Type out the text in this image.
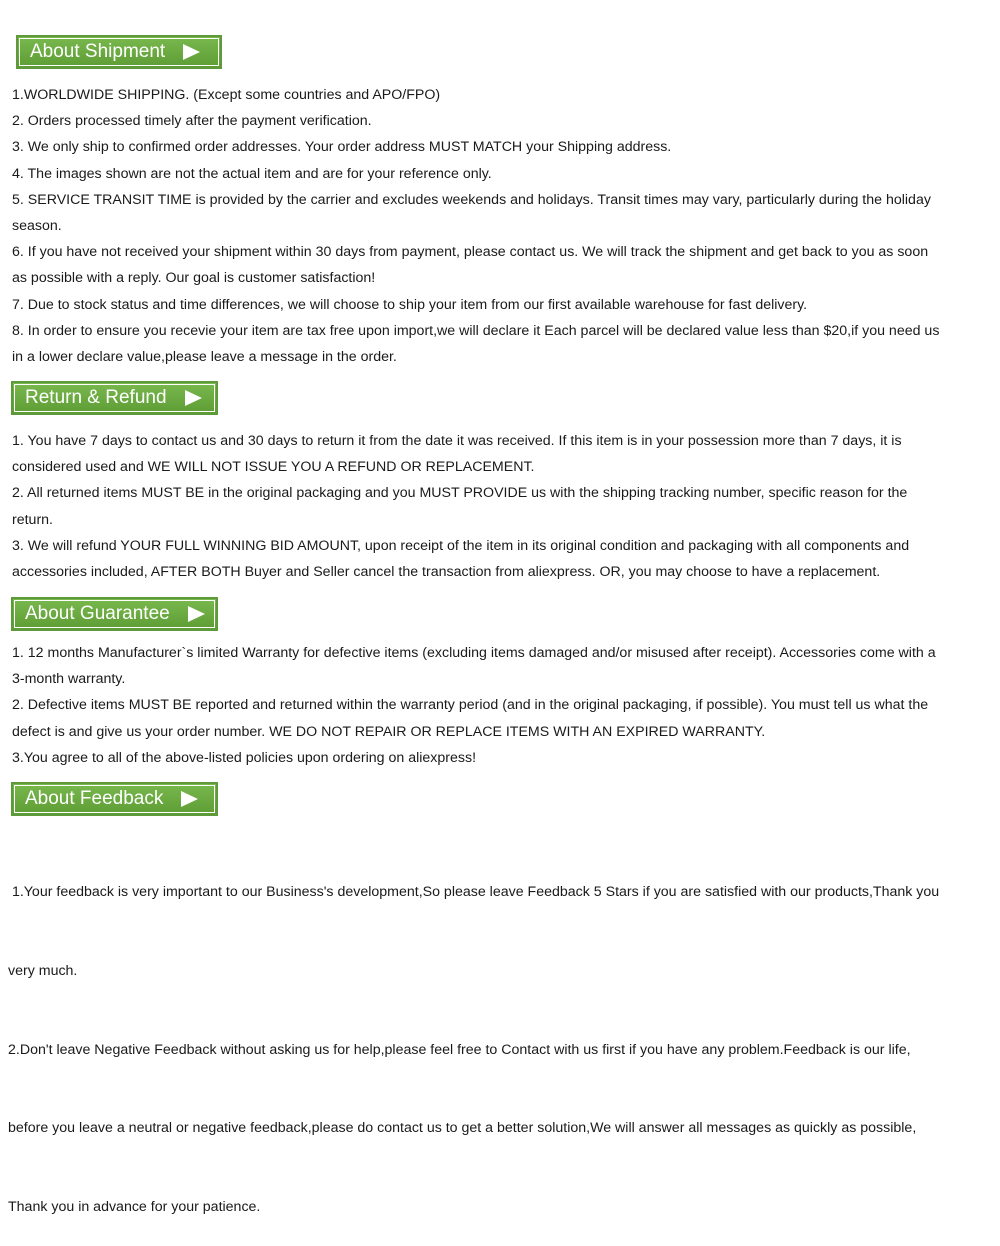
About Shipment
1.WORLDWIDE SHIPPING. (Except some countries and APO/FPO)
2. Orders processed timely after the payment verification.
3. We only ship to confirmed order addresses. Your order address MUST MATCH your Shipping address.
4. The images shown are not the actual item and are for your reference only.
5. SERVICE TRANSIT TIME is provided by the carrier and excludes weekends and holidays. Transit times may vary, particularly during the holiday
season.
6. If you have not received your shipment within 30 days from payment, please contact us. We will track the shipment and get back to you as soon
as possible with a reply. Our goal is customer satisfaction!
7. Due to stock status and time differences, we will choose to ship your item from our first available warehouse for fast delivery.
8. In order to ensure you recevie your item are tax free upon import,we will declare it Each parcel will be declared value less than $20,if you need us
in a lower declare value,please leave a message in the order.
Return & Refund
1. You have 7 days to contact us and 30 days to return it from the date it was received. If this item is in your possession more than 7 days, it is
considered used and WE WILL NOT ISSUE YOU A REFUND OR REPLACEMENT.
2. All returned items MUST BE in the original packaging and you MUST PROVIDE us with the shipping tracking number, specific reason for the
return.
3. We will refund YOUR FULL WINNING BID AMOUNT, upon receipt of the item in its original condition and packaging with all components and
accessories included, AFTER BOTH Buyer and Seller cancel the transaction from aliexpress. OR, you may choose to have a replacement.
About Guarantee
1. 12 months Manufacturer`s limited Warranty for defective items (excluding items damaged and/or misused after receipt). Accessories come with a
3-month warranty.
2. Defective items MUST BE reported and returned within the warranty period (and in the original packaging, if possible). You must tell us what the
defect is and give us your order number. WE DO NOT REPAIR OR REPLACE ITEMS WITH AN EXPIRED WARRANTY.
3.You agree to all of the above-listed policies upon ordering on aliexpress!
About Feedback

1.Your feedback is very important to our Business's development,So please leave Feedback 5 Stars if you are satisfied with our products,Thank you

very much.

2.Don't leave Negative Feedback without asking us for help,please feel free to Contact with us first if you have any problem.Feedback is our life,

before you leave a neutral or negative feedback,please do contact us to get a better solution,We will answer all messages as quickly as possible,

Thank you in advance for your patience.
